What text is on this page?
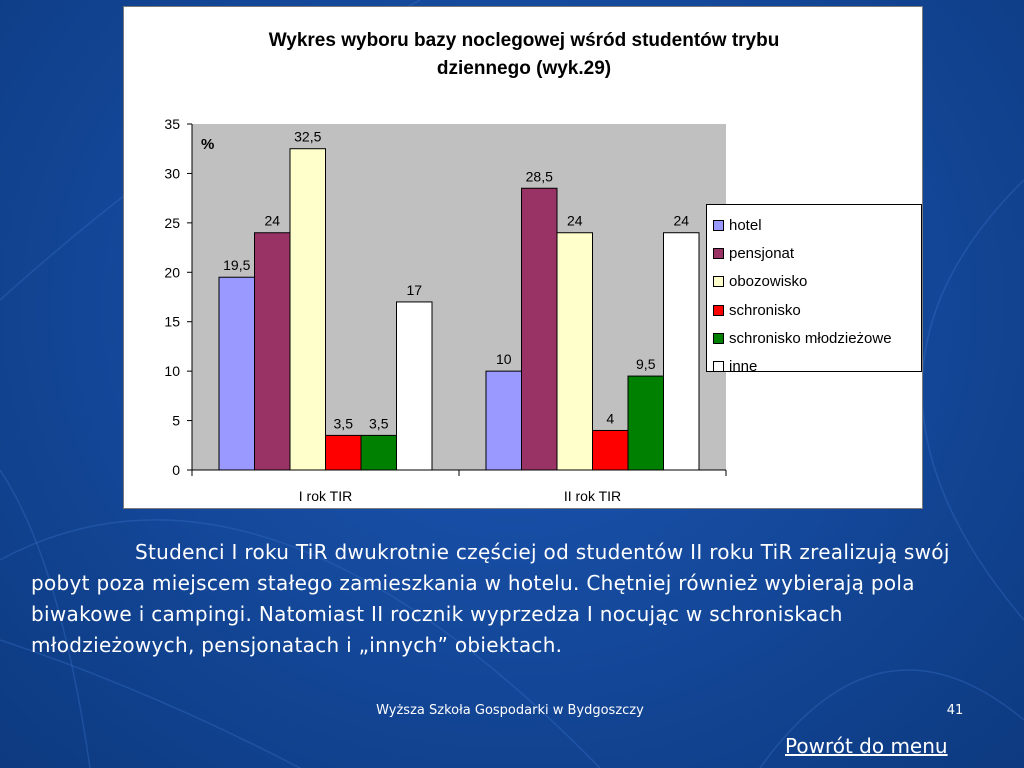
Wykres wyboru bazy noclegowej wśród studentów trybu
dziennego (wyk.29)
0
5
10
15
20
25
30
35
%
19,5
24
32,5
3,5 3,5
17
I rok TIR
10
28,5
24
4
9,5
24
II rok TIR
hotel
pensjonat
obozowisko
schronisko
schronisko młodzieżowe
inne
Studenci I roku TiR dwukrotnie częściej od studentów II roku TiR zrealizują swój pobyt poza miejscem stałego zamieszkania w hotelu. Chętniej również wybierają pola biwakowe i campingi. Natomiast II rocznik wyprzedza I nocując w schroniskach młodzieżowych, pensjonatach i „innych” obiektach.
Wyższa Szkoła Gospodarki w Bydgoszczy	41
Powrót do menu
